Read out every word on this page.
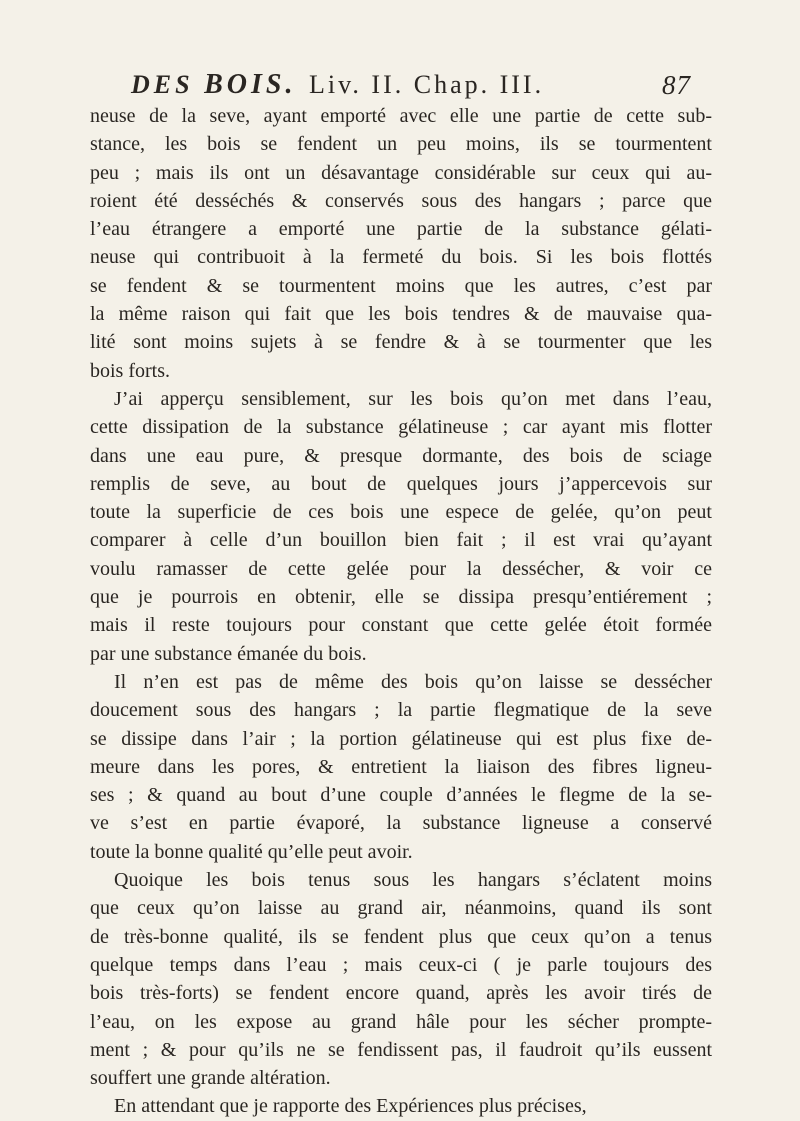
DES BOIS. Liv. II. Chap. III.	87
neuse de la seve, ayant emporté avec elle une partie de cette sub-
stance, les bois se fendent un peu moins, ils se tourmentent
peu ; mais ils ont un désavantage considérable sur ceux qui au-
roient été desséchés & conservés sous des hangars ; parce que
l’eau étrangere a emporté une partie de la substance gélati-
neuse qui contribuoit à la fermeté du bois. Si les bois flottés
se fendent & se tourmentent moins que les autres, c’est par
la même raison qui fait que les bois tendres & de mauvaise qua-
lité sont moins sujets à se fendre & à se tourmenter que les
bois forts.
J’ai apperçu sensiblement, sur les bois qu’on met dans l’eau,
cette dissipation de la substance gélatineuse ; car ayant mis flotter
dans une eau pure, & presque dormante, des bois de sciage
remplis de seve, au bout de quelques jours j’appercevois sur
toute la superficie de ces bois une espece de gelée, qu’on peut
comparer à celle d’un bouillon bien fait ; il est vrai qu’ayant
voulu ramasser de cette gelée pour la dessécher, & voir ce
que je pourrois en obtenir, elle se dissipa presqu’entiérement ;
mais il reste toujours pour constant que cette gelée étoit formée
par une substance émanée du bois.
Il n’en est pas de même des bois qu’on laisse se dessécher
doucement sous des hangars ; la partie flegmatique de la seve
se dissipe dans l’air ; la portion gélatineuse qui est plus fixe de-
meure dans les pores, & entretient la liaison des fibres ligneu-
ses ; & quand au bout d’une couple d’années le flegme de la se-
ve s’est en partie évaporé, la substance ligneuse a conservé
toute la bonne qualité qu’elle peut avoir.
Quoique les bois tenus sous les hangars s’éclatent moins
que ceux qu’on laisse au grand air, néanmoins, quand ils sont
de très-bonne qualité, ils se fendent plus que ceux qu’on a tenus
quelque temps dans l’eau ; mais ceux-ci ( je parle toujours des
bois très-forts) se fendent encore quand, après les avoir tirés de
l’eau, on les expose au grand hâle pour les sécher prompte-
ment ; & pour qu’ils ne se fendissent pas, il faudroit qu’ils eussent
souffert une grande altération.
En attendant que je rapporte des Expériences plus précises,
